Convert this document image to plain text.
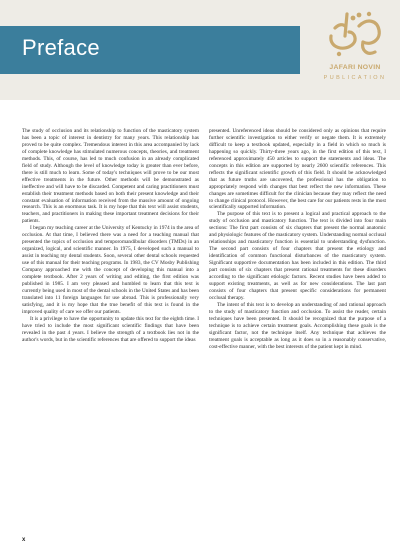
Preface
JAFARI NOVIN
PUBLICATION

The study of occlusion and its relationship to function of the masticatory system has been a topic of interest in dentistry for many years. This relationship has proved to be quite complex. Tremendous interest in this area accompanied by lack of complete knowledge has stimulated numerous concepts, theories, and treatment methods. This, of course, has led to much confusion in an already complicated field of study. Although the level of knowledge today is greater than ever before, there is still much to learn. Some of today's techniques will prove to be our most effective treatments in the future. Other methods will be demonstrated as ineffective and will have to be discarded. Competent and caring practitioners must establish their treatment methods based on both their present knowledge and their constant evaluation of information received from the massive amount of ongoing research. This is an enormous task. It is my hope that this text will assist students, teachers, and practitioners in making these important treatment decisions for their patients.

I began my teaching career at the University of Kentucky in 1974 in the area of occlusion. At that time, I believed there was a need for a teaching manual that presented the topics of occlusion and temporomandibular disorders (TMDs) in an organized, logical, and scientific manner. In 1975, I developed such a manual to assist in teaching my dental students. Soon, several other dental schools requested use of this manual for their teaching programs. In 1983, the CV Mosby Publishing Company approached me with the concept of developing this manual into a complete textbook. After 2 years of writing and editing, the first edition was published in 1985. I am very pleased and humbled to learn that this text is currently being used in most of the dental schools in the United States and has been translated into 11 foreign languages for use abroad. This is professionally very satisfying, and it is my hope that the true benefit of this text is found in the improved quality of care we offer our patients.

It is a privilege to have the opportunity to update this text for the eighth time. I have tried to include the most significant scientific findings that have been revealed in the past 4 years. I believe the strength of a textbook lies not in the author's words, but in the scientific references that are offered to support the ideas

presented. Unreferenced ideas should be considered only as opinions that require further scientific investigation to either verify or negate them. It is extremely difficult to keep a textbook updated, especially in a field in which so much is happening so quickly. Thirty-three years ago, in the first edition of this text, I referenced approximately 450 articles to support the statements and ideas. The concepts in this edition are supported by nearly 2600 scientific references. This reflects the significant scientific growth of this field. It should be acknowledged that as future truths are uncovered, the professional has the obligation to appropriately respond with changes that best reflect the new information. These changes are sometimes difficult for the clinician because they may reflect the need to change clinical protocol. However, the best care for our patients rests in the most scientifically supported information.

The purpose of this text is to present a logical and practical approach to the study of occlusion and masticatory function. The text is divided into four main sections: The first part consists of six chapters that present the normal anatomic and physiologic features of the masticatory system. Understanding normal occlusal relationships and masticatory function is essential to understanding dysfunction. The second part consists of four chapters that present the etiology and identification of common functional disturbances of the masticatory system. Significant supportive documentation has been included in this edition. The third part consists of six chapters that present rational treatments for these disorders according to the significant etiologic factors. Recent studies have been added to support existing treatments, as well as for new considerations. The last part consists of four chapters that present specific considerations for permanent occlusal therapy.

The intent of this text is to develop an understanding of and rational approach to the study of masticatory function and occlusion. To assist the reader, certain techniques have been presented. It should be recognized that the purpose of a technique is to achieve certain treatment goals. Accomplishing these goals is the significant factor, not the technique itself. Any technique that achieves the treatment goals is acceptable as long as it does so in a reasonably conservative, cost-effective manner, with the best interests of the patient kept in mind.

x
